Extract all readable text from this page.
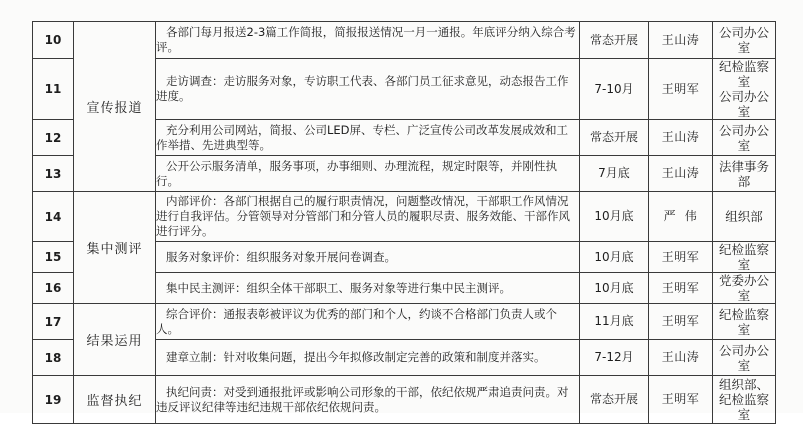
10	宣传报道	各部门每月报送2-3篇工作简报，简报报送情况一月一通报。年底评分纳入综合考评。	常态开展	王山涛	公司办公室
11		走访调查：走访服务对象，专访职工代表、各部门员工征求意见，动态报告工作进度。	7-10月	王明军	纪检监察室
公司办公室
12		充分利用公司网站，简报、公司LED屏、专栏、广泛宣传公司改革发展成效和工作举措、先进典型等。	常态开展	王山涛	公司办公室
13		公开公示服务清单，服务事项，办事细则、办理流程，规定时限等，并刚性执行。	7月底	王山涛	法律事务部
14	集中测评	内部评价：各部门根据自己的履行职责情况，问题整改情况，干部职工作风情况进行自我评估。分管领导对分管部门和分管人员的履职尽责、服务效能、干部作风进行评分。	10月底	严  伟	组织部
15		服务对象评价：组织服务对象开展问卷调查。	10月底	王明军	纪检监察室
16		集中民主测评：组织全体干部职工、服务对象等进行集中民主测评。	10月底	王明军	党委办公室
17	结果运用	综合评价：通报表彰被评议为优秀的部门和个人，约谈不合格部门负责人或个人。	11月底	王明军	纪检监察室
18		建章立制：针对收集问题，提出今年拟修改制定完善的政策和制度并落实。	7-12月	王山涛	公司办公室
19	监督执纪	执纪问责：对受到通报批评或影响公司形象的干部，依纪依规严肃追责问责。对违反评议纪律等违纪违规干部依纪依规问责。	常态开展	王明军	组织部、纪检监察室
